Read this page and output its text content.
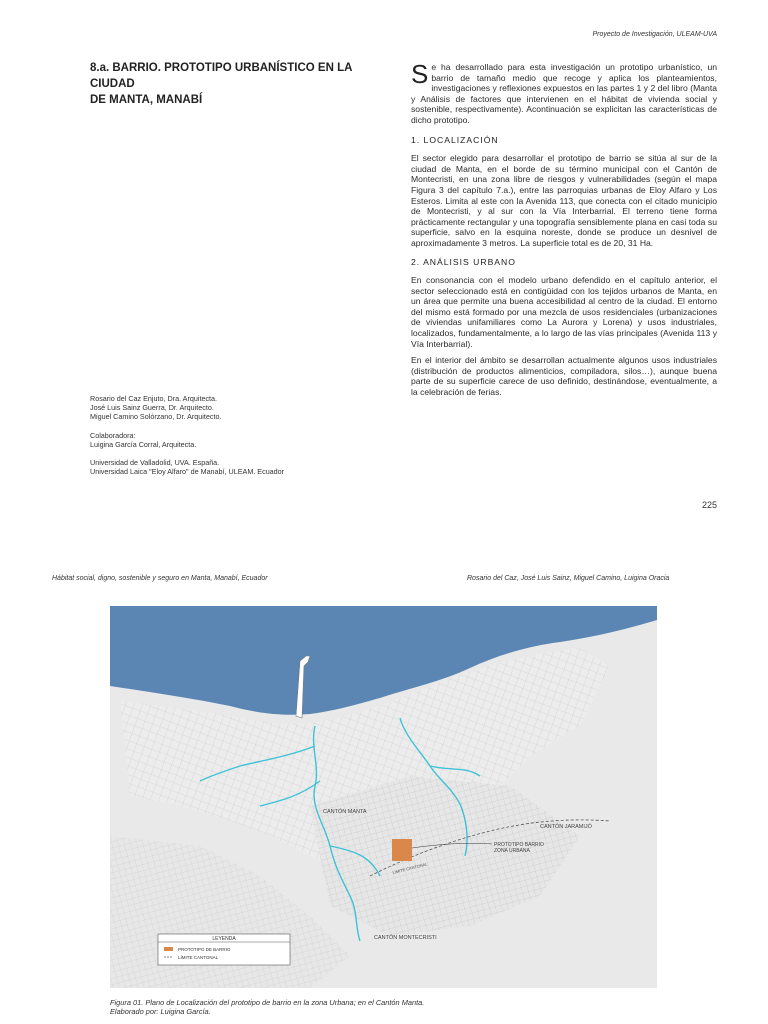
Proyecto de Investigación, ULEAM-UVA
8.a. BARRIO. PROTOTIPO URBANÍSTICO EN LA CIUDAD
DE MANTA, MANABÍ

Se ha desarrollado para esta investigación un prototipo urbanístico, un barrio de tamaño medio que recoge y aplica los planteamientos, investigaciones y reflexiones expuestos en las partes 1 y 2 del libro (Manta y Análisis de factores que intervienen en el hábitat de vivienda social y sostenible, respectivamente). Acontinuación se explicitan las características de dicho prototipo.

1. LOCALIZACIÓN

El sector elegido para desarrollar el prototipo de barrio se sitúa al sur de la ciudad de Manta, en el borde de su término municipal con el Cantón de Montecristi, en una zona libre de riesgos y vulnerabilidades (según el mapa Figura 3 del capítulo 7.a.), entre las parroquias urbanas de Eloy Alfaro y Los Esteros. Limita al este con la Avenida 113, que conecta con el citado municipio de Montecristi, y al sur con la Vía Interbarrial. El terreno tiene forma prácticamente rectangular y una topografía sensiblemente plana en casi toda su superficie, salvo en la esquina noreste, donde se produce un desnivel de aproximadamente 3 metros. La superficie total es de 20, 31 Ha.

2. ANÁLISIS URBANO

En consonancia con el modelo urbano defendido en el capítulo anterior, el sector seleccionado está en contigüidad con los tejidos urbanos de Manta, en un área que permite una buena accesibilidad al centro de la ciudad. El entorno del mismo está formado por una mezcla de usos residenciales (urbanizaciones de viviendas unifamiliares como La Aurora y Lorena) y usos industriales, localizados, fundamentalmente, a lo largo de las vías principales (Avenida 113 y Vía Interbarrial).

En el interior del ámbito se desarrollan actualmente algunos usos industriales (distribución de productos alimenticios, compiladora, silos…), aunque buena parte de su superficie carece de uso definido, destinándose, eventualmente, a la celebración de ferias.

Rosario del Caz Enjuto, Dra. Arquitecta.
José Luis Sainz Guerra, Dr. Arquitecto.
Miguel Camino Solórzano, Dr. Arquitecto.
Colaboradora:
Luigina García Corral, Arquitecta.
Universidad de Valladolid, UVA. España.
Universidad Laica "Eloy Alfaro" de Manabí, ULEAM. Ecuador
225
Hábitat social, digno, sostenible y seguro en Manta, Manabí, Ecuador	Rosario del Caz, José Luis Sainz, Miguel Camino, Luigina Oracia
CANTÓN MANTA
CANTÓN JARAMIJÓ
PROTOTIPO BARRIO
ZONA URBANA
LÍMITE CANTONAL
CANTÓN MONTECRISTI
LEYENDA
PROTOTIPO DE BARRIO
LÍMITE CANTONAL
Figura 01. Plano de Localización del prototipo de barrio en la zona Urbana; en el Cantón Manta.
Elaborado por: Luigina García.
